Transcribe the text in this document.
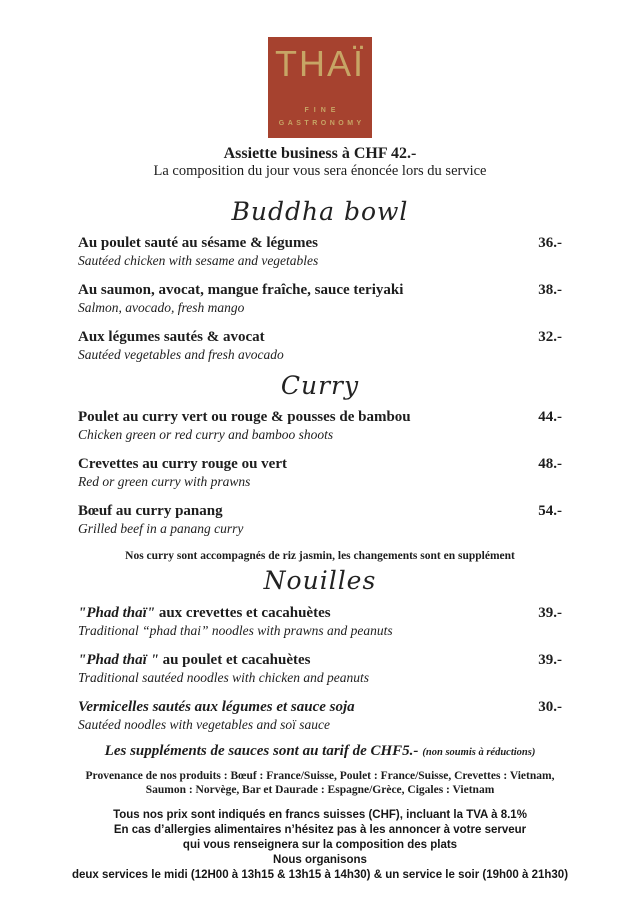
THAÏ
FINE
GASTRONOMY
Assiette business à CHF 42.-
La composition du jour vous sera énoncée lors du service
Buddha bowl
Au poulet sauté au sésame & légumes	36.-
Sautéed chicken with sesame and vegetables
Au saumon, avocat, mangue fraîche, sauce teriyaki	38.-
Salmon, avocado, fresh mango
Aux légumes sautés & avocat	32.-
Sautéed vegetables and fresh avocado
Curry
Poulet au curry vert ou rouge & pousses de bambou	44.-
Chicken green or red curry and bamboo shoots
Crevettes au curry rouge ou vert	48.-
Red or green curry with prawns
Bœuf au curry panang	54.-
Grilled beef in a panang curry
Nos curry sont accompagnés de riz jasmin, les changements sont en supplément
Nouilles
"Phad thaï" aux crevettes et cacahuètes	39.-
Traditional “phad thai” noodles with prawns and peanuts
"Phad thaï " au poulet et cacahuètes	39.-
Traditional sautéed noodles with chicken and peanuts
Vermicelles sautés aux légumes et sauce soja	30.-
Sautéed noodles with vegetables and soï sauce
Les suppléments de sauces sont au tarif de CHF5.- (non soumis à réductions)
Provenance de nos produits : Bœuf : France/Suisse, Poulet : France/Suisse, Crevettes : Vietnam, Saumon : Norvège, Bar et Daurade : Espagne/Grèce, Cigales : Vietnam
Tous nos prix sont indiqués en francs suisses (CHF), incluant la TVA à 8.1%
En cas d’allergies alimentaires n’hésitez pas à les annoncer à votre serveur
qui vous renseignera sur la composition des plats
Nous organisons
deux services le midi (12H00 à 13h15 & 13h15 à 14h30) & un service le soir (19h00 à 21h30)
